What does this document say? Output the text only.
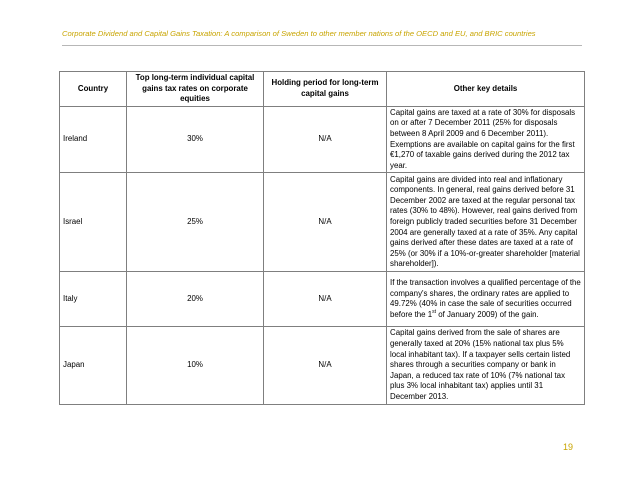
Corporate Dividend and Capital Gains Taxation: A comparison of Sweden to other member nations of the OECD and EU, and BRIC countries
Country	Top long-term individual capital gains tax rates on corporate equities	Holding period for long-term capital gains	Other key details
Ireland	30%	N/A	Capital gains are taxed at a rate of 30% for disposals on or after 7 December 2011 (25% for disposals between 8 April 2009 and 6 December 2011). Exemptions are available on capital gains for the first €1,270 of taxable gains derived during the 2012 tax year.
Israel	25%	N/A	Capital gains are divided into real and inflationary components. In general, real gains derived before 31 December 2002 are taxed at the regular personal tax rates (30% to 48%). However, real gains derived from foreign publicly traded securities before 31 December 2004 are generally taxed at a rate of 35%. Any capital gains derived after these dates are taxed at a rate of 25% (or 30% if a 10%-or-greater shareholder [material shareholder]).
Italy	20%	N/A	If the transaction involves a qualified percentage of the company's shares, the ordinary rates are applied to 49.72% (40% in case the sale of securities occurred before the 1st of January 2009) of the gain.
Japan	10%	N/A	Capital gains derived from the sale of shares are generally taxed at 20% (15% national tax plus 5% local inhabitant tax). If a taxpayer sells certain listed shares through a securities company or bank in Japan, a reduced tax rate of 10% (7% national tax plus 3% local inhabitant tax) applies until 31 December 2013.
19
